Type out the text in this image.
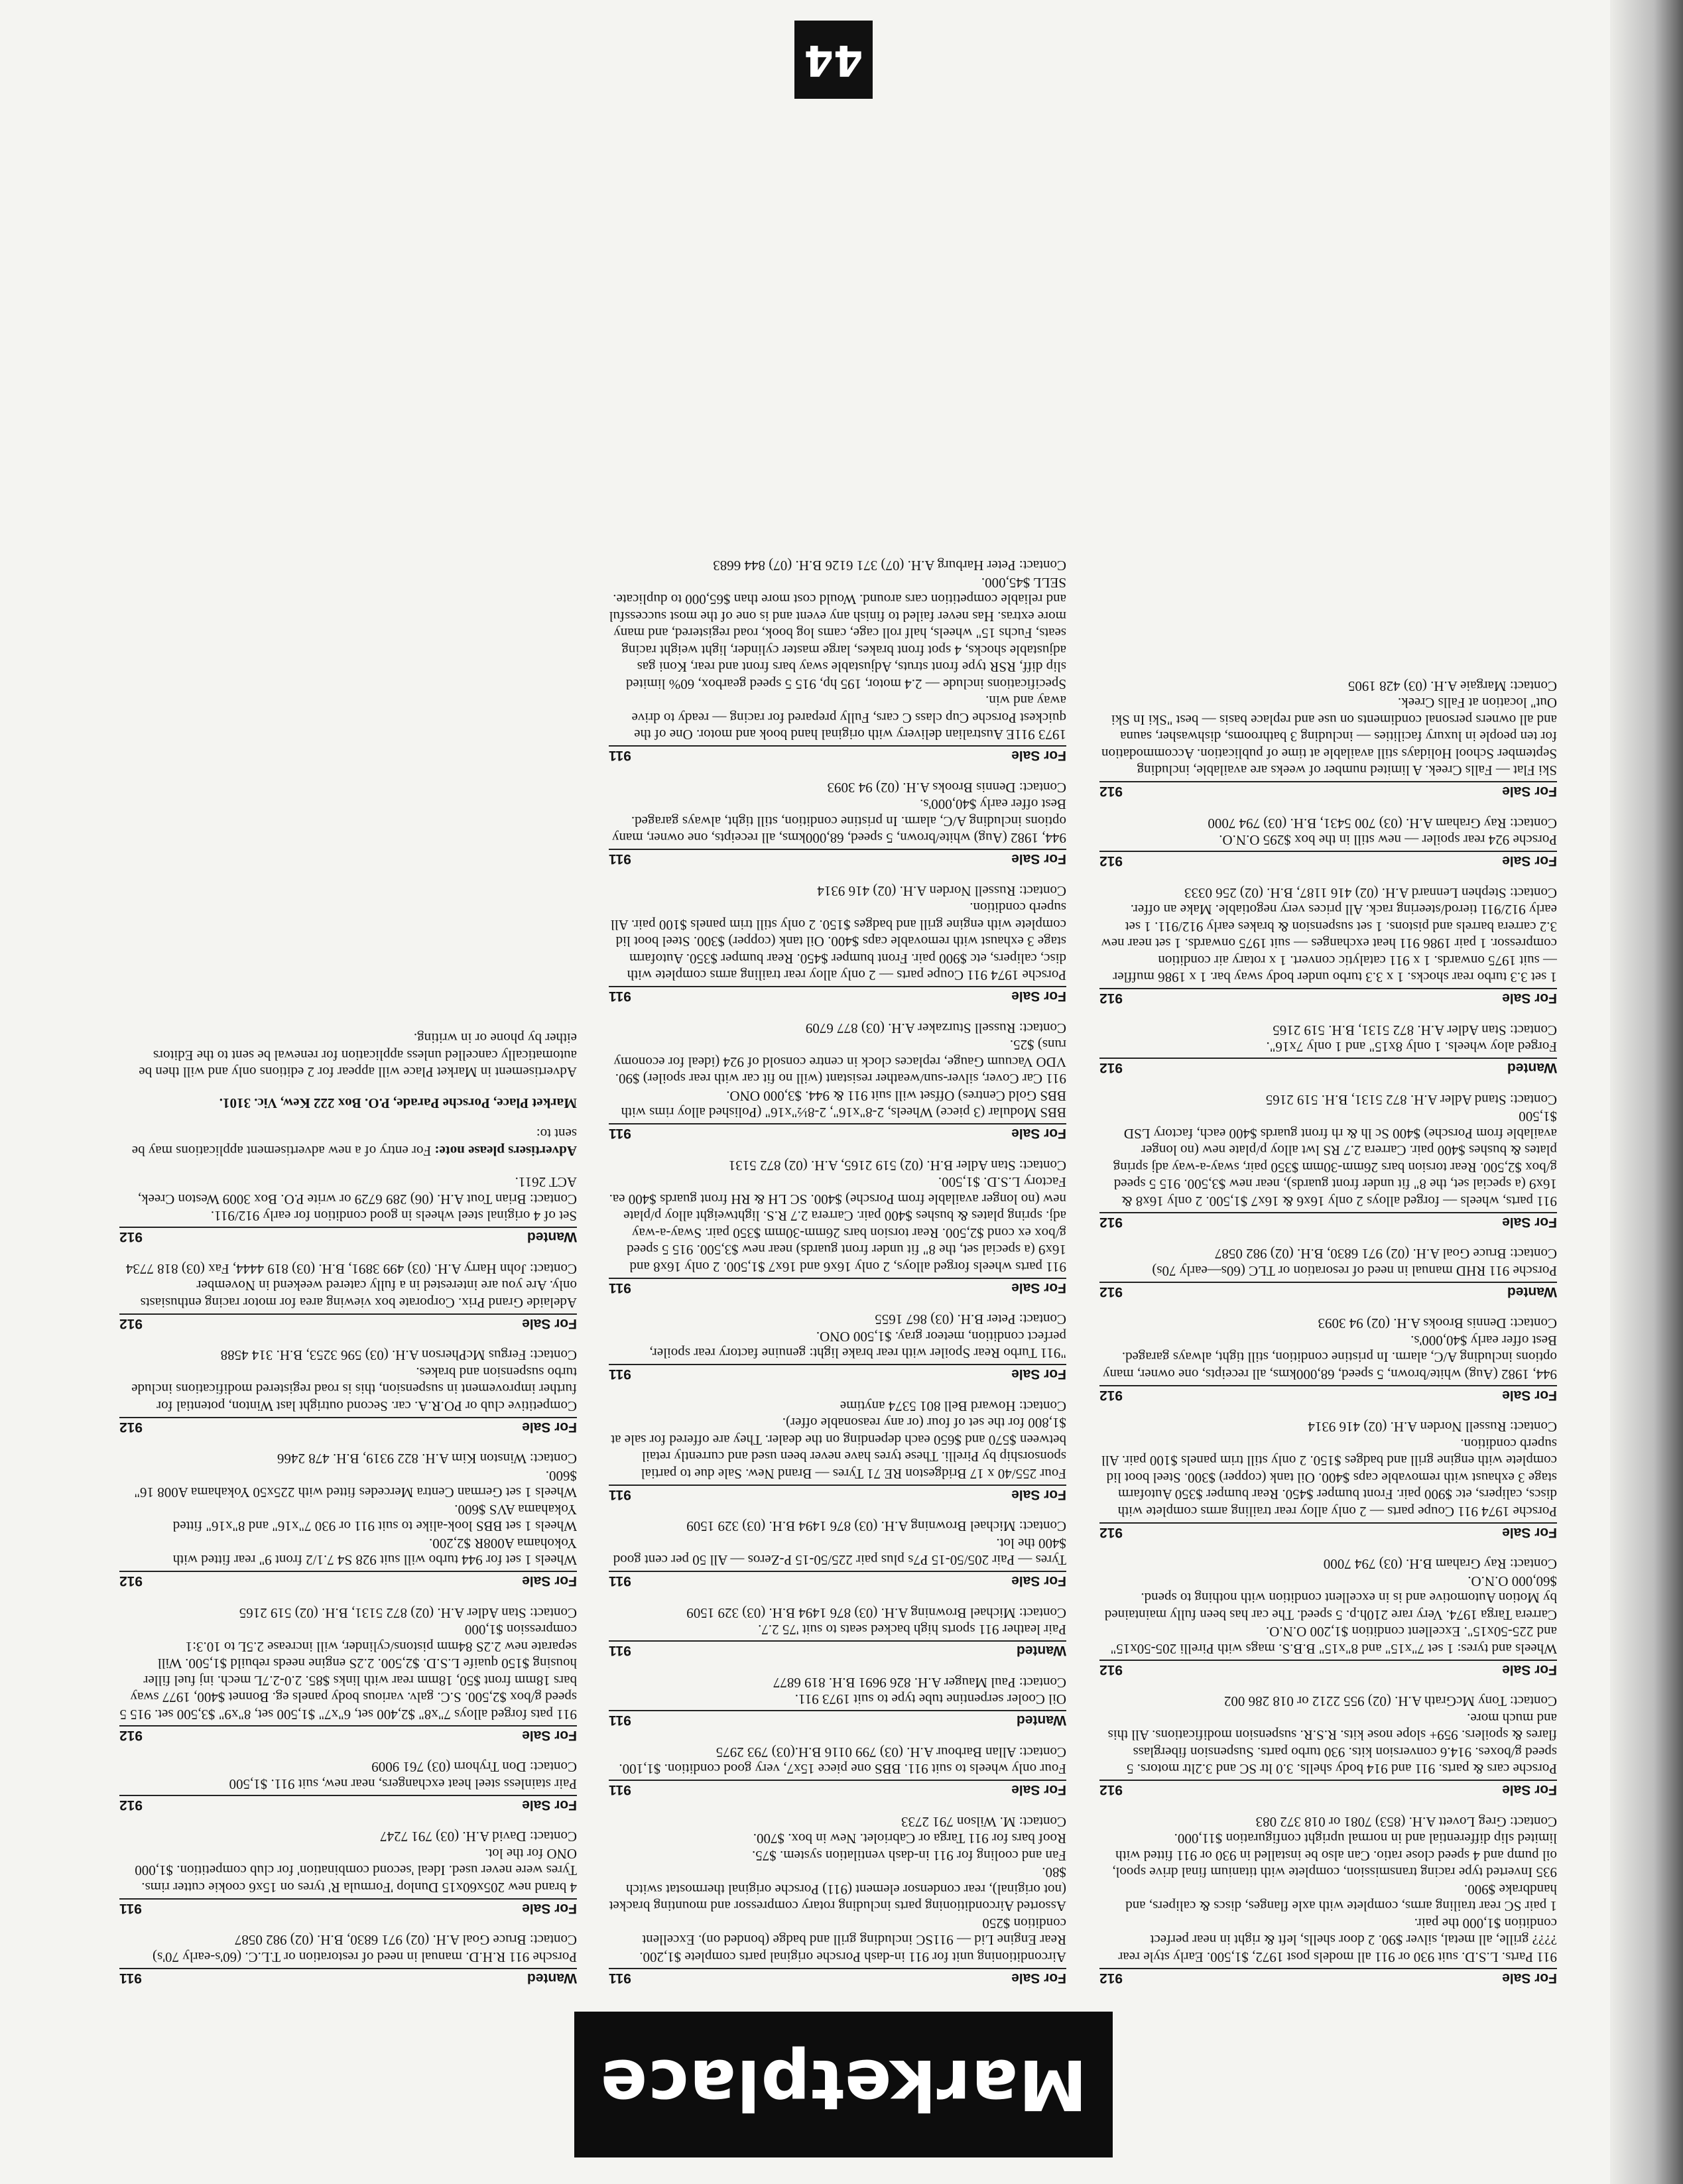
44
Marketplace
For Sale
912

911 Parts. L.S.D. suit 930 or 911 all models post 1972, $1,500. Early style rear ???? grille, all metal, silver $90. 2 door shells, left & right in near perfect condition $1,000 the pair.

1 pair SC rear trailing arms, complete with axle flanges, discs & calipers, and handbrake $900.

935 Inverted type racing transmission, complete with titanium final drive spool, oil pump and 4 speed close ratio. Can also be installed in 930 or 911 fitted with limited slip differential and in normal upright configuration $11,000.

Contact: Greg Lovett A.H. (853) 7081 or 018 372 083

For Sale
912

Porsche cars & parts. 911 and 914 body shells. 3.0 ltr SC and 3.2ltr motors. 5 speed g/boxes. 914.6 conversion kits. 930 turbo parts. Suspension fiberglass flares & spoilers. 959+ slope nose kits. R.S.R. suspension modifications. All this and much more.

Contact: Tony McGrath A.H. (02) 955 2212 or 018 286 002

For Sale
912

Wheels and tyres: 1 set 7"x15" and 8"x15" B.B.S. mags with Pirelli 205-50x15" and 225-50x15". Excellent condition $1,200 O.N.O.

Carrera Targa 1974. Very rare 210h.p. 5 speed. The car has been fully maintained by Motion Automotive and is in excellent condition with nothing to spend. $60,000 O.N.O.

Contact: Ray Graham B.H. (03) 794 7000

For Sale
912

Porsche 1974 911 Coupe parts — 2 only alloy rear trailing arms complete with discs, calipers, etc $900 pair. Front bumper $450. Rear bumper $350 Autofarm stage 3 exhaust with removable caps $400. Oil tank (copper) $300. Steel boot lid complete with engine grill and badges $150. 2 only still trim panels $100 pair. All superb condition.

Contact: Russell Norden A.H. (02) 416 9314

For Sale
912

944, 1982 (Aug) white/brown, 5 speed, 68,000kms, all receipts, one owner, many options including A/C, alarm. In pristine condition, still tight, always garaged. Best offer early $40,000's.

Contact: Dennis Brooks A.H. (02) 94 3093

Wanted
912

Porsche 911 RHD manual in need of resoration or TLC (60s—early 70s)

Contact: Bruce Goal A.H. (02) 971 6830, B.H. (02) 982 0587

For Sale
912

911 parts, wheels — forged alloys 2 only 16x6 & 16x7 $1,500. 2 only 16x8 & 16x9 (a special set, the 8" fit under front guards), near new $3,500. 915 5 speed g/box $2,500. Rear torsion bars 26mm-30mm $350 pair, sway-a-way adj spring plates & bushes $400 pair. Carrera 2.7 RS lwt alloy p/plate new (no longer available from Porsche) $400 Sc lh & rh front guards $400 each, factory LSD $1,500

Contact: Stand Adler A.H. 872 5131, B.H. 519 2165

Wanted
912

Forged aloy wheels. 1 only 8x15" and 1 only 7x16".

Contact: Stan Adler A.H. 872 5131, B.H. 519 2165

For Sale
912

1 set 3.3 turbo rear shocks. 1 x 3.3 turbo under body sway bar. 1 x 1986 muffler — suit 1975 onwards. 1 x 911 catalytic convert. 1 x rotary air condition compressor. 1 pair 1986 911 heat exchanges — suit 1975 onwards. 1 set near new 3.2 carrera barrels and pistons. 1 set suspension & brakes early 912/911. 1 set early 912/911 tierod/steering rack. All prices very negotiable. Make an offer.

Contact: Stephen Lennard A.H. (02) 416 1187, B.H. (02) 256 0333

For Sale
912

Porsche 924 rear spoiler — new still in the box $295 O.N.O.

Contact: Ray Graham A.H. (03) 700 5431, B.H. (03) 794 7000

For Sale
912

Ski Flat — Falls Creek. A limited number of weeks are available, including September School Holidays still available at time of publication. Accommodation for ten people in luxury facilities — including 3 bathrooms, dishwasher, sauna and all owners personal condiments on use and replace basis — best "Ski In Ski Out" location at Falls Creek.

Contact: Margaie A.H. (03) 428 1905

For Sale
911

Airconditioning unit for 911 in-dash Porsche original parts complete $1,200.

Rear Engine Lid — 911SC including grill and badge (bonded on). Excellent condition $250

Assorted Airconditioning parts including rotary compressor and mounting bracket (not original), rear condensor element (911) Porsche original thermostat switch $80.

Fan and cooling for 911 in-dash ventilation system. $75.

Roof bars for 911 Targa or Cabriolet. New in box. $700.

Contact: M. Wilson 791 2733

For Sale
911

Four only wheels to suit 911. BBS one piece 15x7, very good condition. $1,100.

Contact: Allan Barbour A.H. (03) 799 0116 B.H.(03) 793 2975

Wanted
911

Oil Cooler serpentine tube type to suit 1973 911.

Contact: Paul Mauger A.H. 826 9691 B.H. 819 6877

Wanted
911

Pair leather 911 sports high backed seats to suit '75 2.7.

Contact: Michael Browning A.H. (03) 876 1494 B.H. (03) 329 1509

For Sale
911

Tyres — Pair 205/50-15 P7s plus pair 225/50-15 P-Zeros — All 50 per cent good $400 the lot.

Contact: Michael Browning A.H. (03) 876 1494 B.H. (03) 329 1509

For Sale
911

Four 255/40 x 17 Bridgeston RE 71 Tyres — Brand New. Sale due to partial sponsorship by Pirelli. These tyres have never been used and currently retail between $570 and $650 each depending on the dealer. They are offered for sale at $1,800 for the set of four (or any reasonable offer).

Contact: Howard Bell 801 5374 anytime

For Sale
911

"911 Turbo Rear Spoiler with rear brake light: genuine factory rear spoiler, perfect condition, meteor gray. $1,500 ONO.

Contact: Peter B.H. (03) 867 1655

For Sale
911

911 parts wheels forged alloys, 2 only 16x6 and 16x7 $1,500. 2 only 16x8 and 16x9 (a special set, the 8" fit under front guards) near new $3,500. 915 5 speed g/box ex cond $2,500. Rear torsion bars 26mm-30mm $350 pair. Sway-a-way adj. spring plates & bushes $400 pair. Carrera 2.7 R.S. lightweight alloy p/plate new (no longer available from Porsche) $400. SC LH & RH front guards $400 ea. Factory L.S.D. $1,500.

Contact: Stan Adler B.H. (02) 519 2165, A.H. (02) 872 5131

For Sale
911

BBS Modular (3 piece) Wheels, 2-8"x16", 2-8½"x16" (Polished alloy rims with BBS Gold Centres) Offset will suit 911 & 944. $3,000 ONO.

911 Car Cover, silver-sun/weather resistant (will no fit car with rear spoiler) $90.

VDO Vacuum Gauge, replaces clock in centre consold of 924 (ideal for economy runs) $25.

Contact: Russell Sturzaker A.H. (03) 877 6709

For Sale
911

Porsche 1974 911 Coupe parts — 2 only alloy rear trailing arms complete with disc, calipers, etc $900 pair. Front bumper $450. Rear bumper $350. Autofarm stage 3 exhaust with removable caps $400. Oil tank (copper) $300. Steel boot lid complete with engine grill and badges $150. 2 only still trim panels $100 pair. All superb condition.

Contact: Russell Norden A.H. (02) 416 9314

For Sale
911

944, 1982 (Aug) white/brown, 5 speed, 68,000kms, all receipts, one owner, many options including A/C, alarm. In pristine condition, still tight, always garaged. Best offer early $40,000's.

Contact: Dennis Brooks A.H. (02) 94 3093

For Sale
911

1973 911E Australian delivery with original hand book and motor. One of the quickest Porsche Cup class C cars, Fully prepared for racing — ready to drive away and win.

Specifications include — 2.4 motor, 195 hp, 915 5 speed gearbox, 60% limited slip diff, RSR type front struts, Adjustable sway bars front and rear, Koni gas adjustable shocks, 4 spot front brakes, large master cylinder, light weight racing seats, Fuchs 15" wheels, half roll cage, cams log book, road registered, and many more extras. Has never failed to finish any event and is one of the most successful and reliable competition cars around. Would cost more than $65,000 to duplicate. SELL $45,000.

Contact: Peter Harburg A.H. (07) 371 6126 B.H. (07) 844 6683

Wanted
911

Porsche 911 R.H.D. manual in need of restoration or T.L.C. (60's-early 70's)

Contact: Bruce Goal A.H. (02) 971 6830, B.H. (02) 982 0587

For Sale
911

4 brand new 205x60x15 Dunlop 'Formula R' tyres on 15x6 cookie cutter rims. Tyres were never used. Ideal 'second combination' for club competition. $1,000 ONO for the lot.

Contact: David A.H. (03) 791 7247

For Sale
912

Pair stainless steel heat exchangers, near new, suit 911. $1,500

Contact: Don Tryhorn (03) 761 9009

For Sale
912

911 pats forged alloys 7"x8" $2,400 set, 6"x7" $1,500 set, 8"x9" $3,500 set. 915 5 speed g/box $2,500. S.C. galv. various body panels eg. Bonnet $400, 1977 sway bars 18mm front $50, 18mm rear with links $85. 2.0-2.7L mech. inj fuel filler housing $150 quaife L.S.D. $2,500. 2.2S engine needs rebuild $1,500. Will separate new 2.2S 84mm pistons/cylinder, will increase 2.5L to 10.3:1 compression $1,000

Contact: Stan Adler A.H. (02) 872 5131, B.H. (02) 519 2165

For Sale
912

Wheels 1 set for 944 turbo will suit 928 S4 7.1/2 front 9" rear fitted with Yokohama A008R $2,200.

Wheels 1 set BBS look-alike to suit 911 or 930 7"x16" and 8"x16" fitted Yokahama AVS $600.

Wheels 1 set German Centra Mercedes fitted with 225x50 Yokahama A008 16" $600.

Contact: Winston Kim A.H. 822 9319, B.H. 478 2466

For Sale
912

Competitive club or PO.R.A. car. Second outright last Winton, potential for further improvement in suspension, this is road registered modifications include turbo suspension and brakes.

Contact: Fergus McPherson A.H. (03) 596 3253, B.H. 314 4588

For Sale
912

Adelaide Grand Prix. Corporate box viewing area for motor racing enthusiasts only. Are you are interested in a fully catered weekend in November

Contact: John Harry A.H. (03) 499 3891, B.H. (03) 819 4444, Fax (03) 818 7734

Wanted
912

Set of 4 original steel wheels in good condition for early 912/911.

Contact: Brian Tout A.H. (06) 289 6729 or write P.O. Box 3009 Weston Creek, ACT 2611.

Advertisers please note: For entry of a new advertisement applications may be sent to:

Market Place, Porsche Parade, P.O. Box 222 Kew, Vic. 3101.

Advertisement in Market Place will appear for 2 editions only and will then be automatically cancelled unless application for renewal be sent to the Editors either by phone or in writing.
